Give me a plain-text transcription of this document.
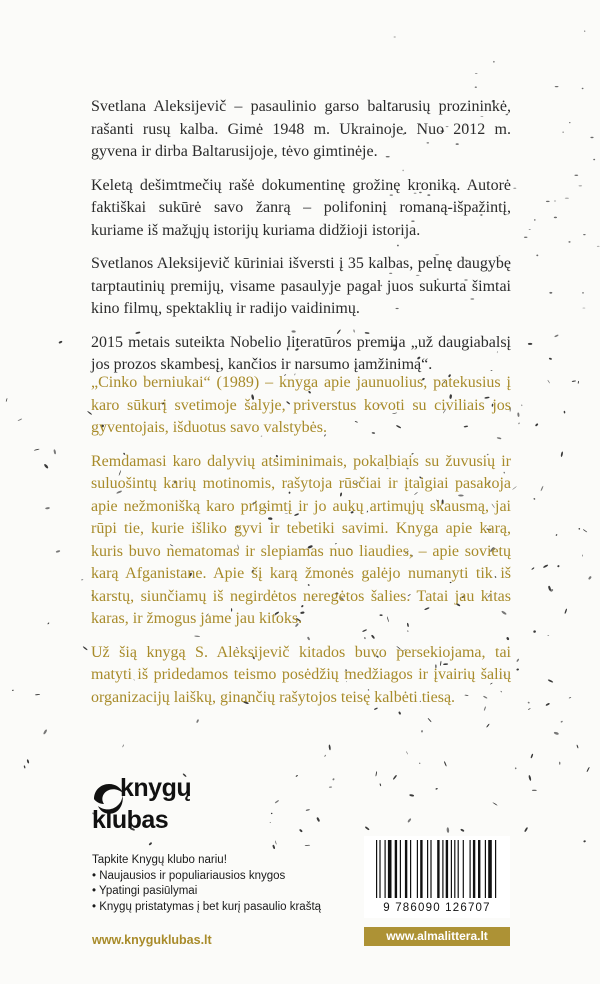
Svetlana Aleksijevič – pasaulinio garso baltarusių prozininkė, rašanti rusų kalba. Gimė 1948 m. Ukrainoje. Nuo 2012 m. gyvena ir dirba Baltarusijoje, tėvo gimtinėje.

Keletą dešimtmečių rašė dokumentinę grožinę kroniką. Autorė faktiškai sukūrė savo žanrą – polifoninį romaną-išpažintį, kuriame iš mažųjų istorijų kuriama didžioji istorija.

Svetlanos Aleksijevič kūriniai išversti į 35 kalbas, pelnę daugybę tarptautinių premijų, visame pasaulyje pagal juos sukurta šimtai kino filmų, spektaklių ir radijo vaidinimų.

2015 metais suteikta Nobelio literatūros premija „už daugiabalsį jos prozos skambesį, kančios ir narsumo įamžinimą“.

„Cinko berniukai“ (1989) – knyga apie jaunuolius, patekusius į karo sūkurį svetimoje šalyje, priverstus kovoti su civiliais jos gyventojais, išduotus savo valstybės.

Remdamasi karo dalyvių atsiminimais, pokalbiais su žuvusių ir suluošintų karių motinomis, rašytoja rūsčiai ir įtaigiai pasakoja apie nežmonišką karo prigimtį ir jo aukų artimųjų skausmą, jai rūpi tie, kurie išliko gyvi ir tebetiki savimi. Knyga apie karą, kuris buvo nematomas ir slepiamas nuo liaudies, – apie sovietų karą Afganistane. Apie šį karą žmonės galėjo numanyti tik iš karstų, siunčiamų iš negirdėtos neregėtos šalies. Tatai jau kitas karas, ir žmogus jame jau kitoks.

Už šią knygą S. Aleksijevič kitados buvo persekiojama, tai matyti iš pridedamos teismo posėdžių medžiagos ir įvairių šalių organizacijų laiškų, ginančių rašytojos teisę kalbėti tiesą.

knygų
klubas
Tapkite Knygų klubo nariu!
• Naujausios ir populiariausios knygos
• Ypatingi pasiūlymai
• Knygų pristatymas į bet kurį pasaulio kraštą
www.knyguklubas.lt
9 786090 126707
www.almalittera.lt
